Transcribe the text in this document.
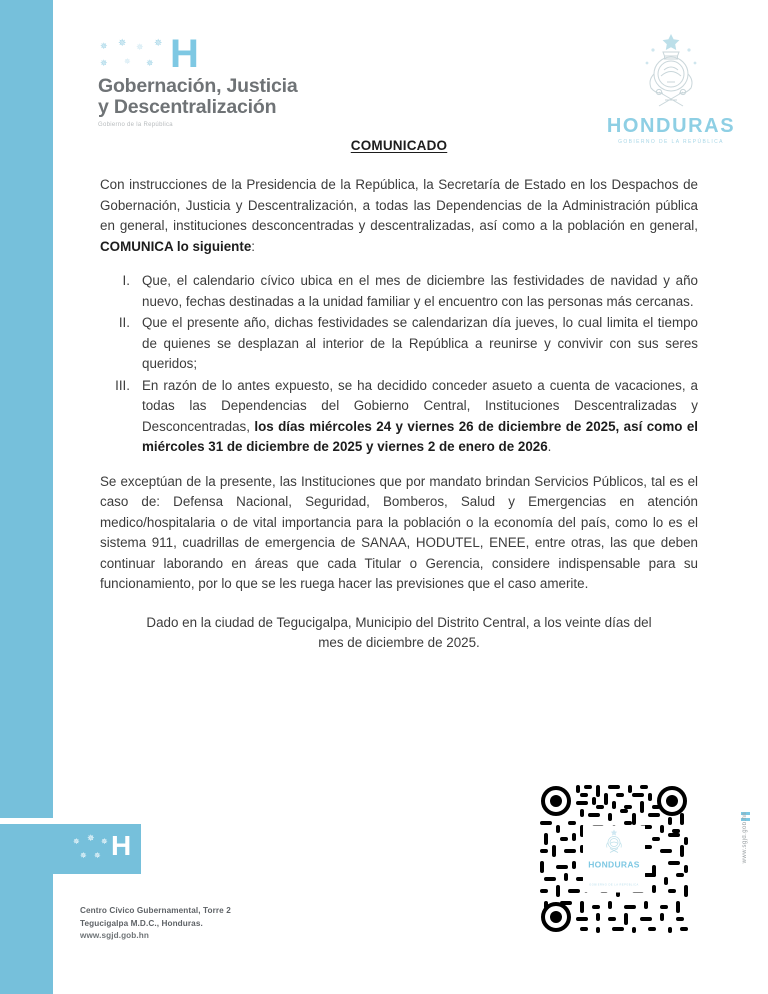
✵ ✵ ✵ ✵
✵ ✵ ✵ H
Gobernación, Justicia
y Descentralización
Gobierno de la República	HONDURAS
GOBIERNO DE LA REPÚBLICA
COMUNICADO

Con instrucciones de la Presidencia de la República, la Secretaría de Estado en los Despachos de Gobernación, Justicia y Descentralización, a todas las Dependencias de la Administración pública en general, instituciones desconcentradas y descentralizadas, así como a la población en general, COMUNICA lo siguiente:

I. Que, el calendario cívico ubica en el mes de diciembre las festividades de navidad y año nuevo, fechas destinadas a la unidad familiar y el encuentro con las personas más cercanas.
II. Que el presente año, dichas festividades se calendarizan día jueves, lo cual limita el tiempo de quienes se desplazan al interior de la República a reunirse y convivir con sus seres queridos;
III. En razón de lo antes expuesto, se ha decidido conceder asueto a cuenta de vacaciones, a todas las Dependencias del Gobierno Central, Instituciones Descentralizadas y Desconcentradas, los días miércoles 24 y viernes 26 de diciembre de 2025, así como el miércoles 31 de diciembre de 2025 y viernes 2 de enero de 2026.

Se exceptúan de la presente, las Instituciones que por mandato brindan Servicios Públicos, tal es el caso de: Defensa Nacional, Seguridad, Bomberos, Salud y Emergencias en atención medico/hospitalaria o de vital importancia para la población o la economía del país, como lo es el sistema 911, cuadrillas de emergencia de SANAA, HODUTEL, ENEE, entre otras, las que deben continuar laborando en áreas que cada Titular o Gerencia, considere indispensable para su funcionamiento, por lo que se les ruega hacer las previsiones que el caso amerite.

Dado en la ciudad de Tegucigalpa, Municipio del Distrito Central, a los veinte días del mes de diciembre de 2025.

HONDURAS GOBIERNO DE LA REPÚBLICA
www.sgjd.gob.hn
✵ ✵ ✵
✵ ✵ H
Centro Cívico Gubernamental, Torre 2
Tegucigalpa M.D.C., Honduras.
www.sgjd.gob.hn
